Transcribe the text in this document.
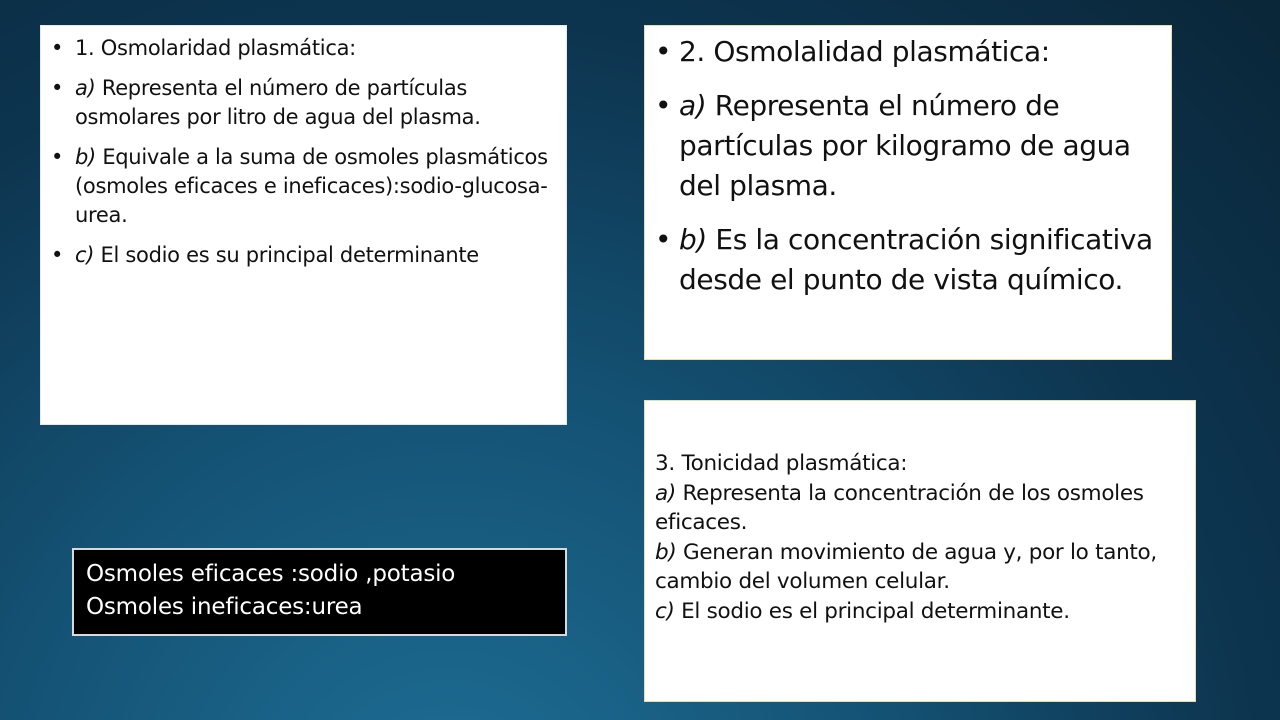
• 1. Osmolaridad plasmática:
• a) Representa el número de partículas osmolares por litro de agua del plasma.
• b) Equivale a la suma de osmoles plasmáticos (osmoles eficaces e ineficaces):sodio-glucosa-urea.
• c) El sodio es su principal determinante
• 2. Osmolalidad plasmática:
• a) Representa el número de partículas por kilogramo de agua del plasma.
• b) Es la concentración significativa desde el punto de vista químico.

3. Tonicidad plasmática:

a) Representa la concentración de los osmoles eficaces.

b) Generan movimiento de agua y, por lo tanto, cambio del volumen celular.

c) El sodio es el principal determinante.

Osmoles eficaces :sodio ,potasio

Osmoles ineficaces:urea
